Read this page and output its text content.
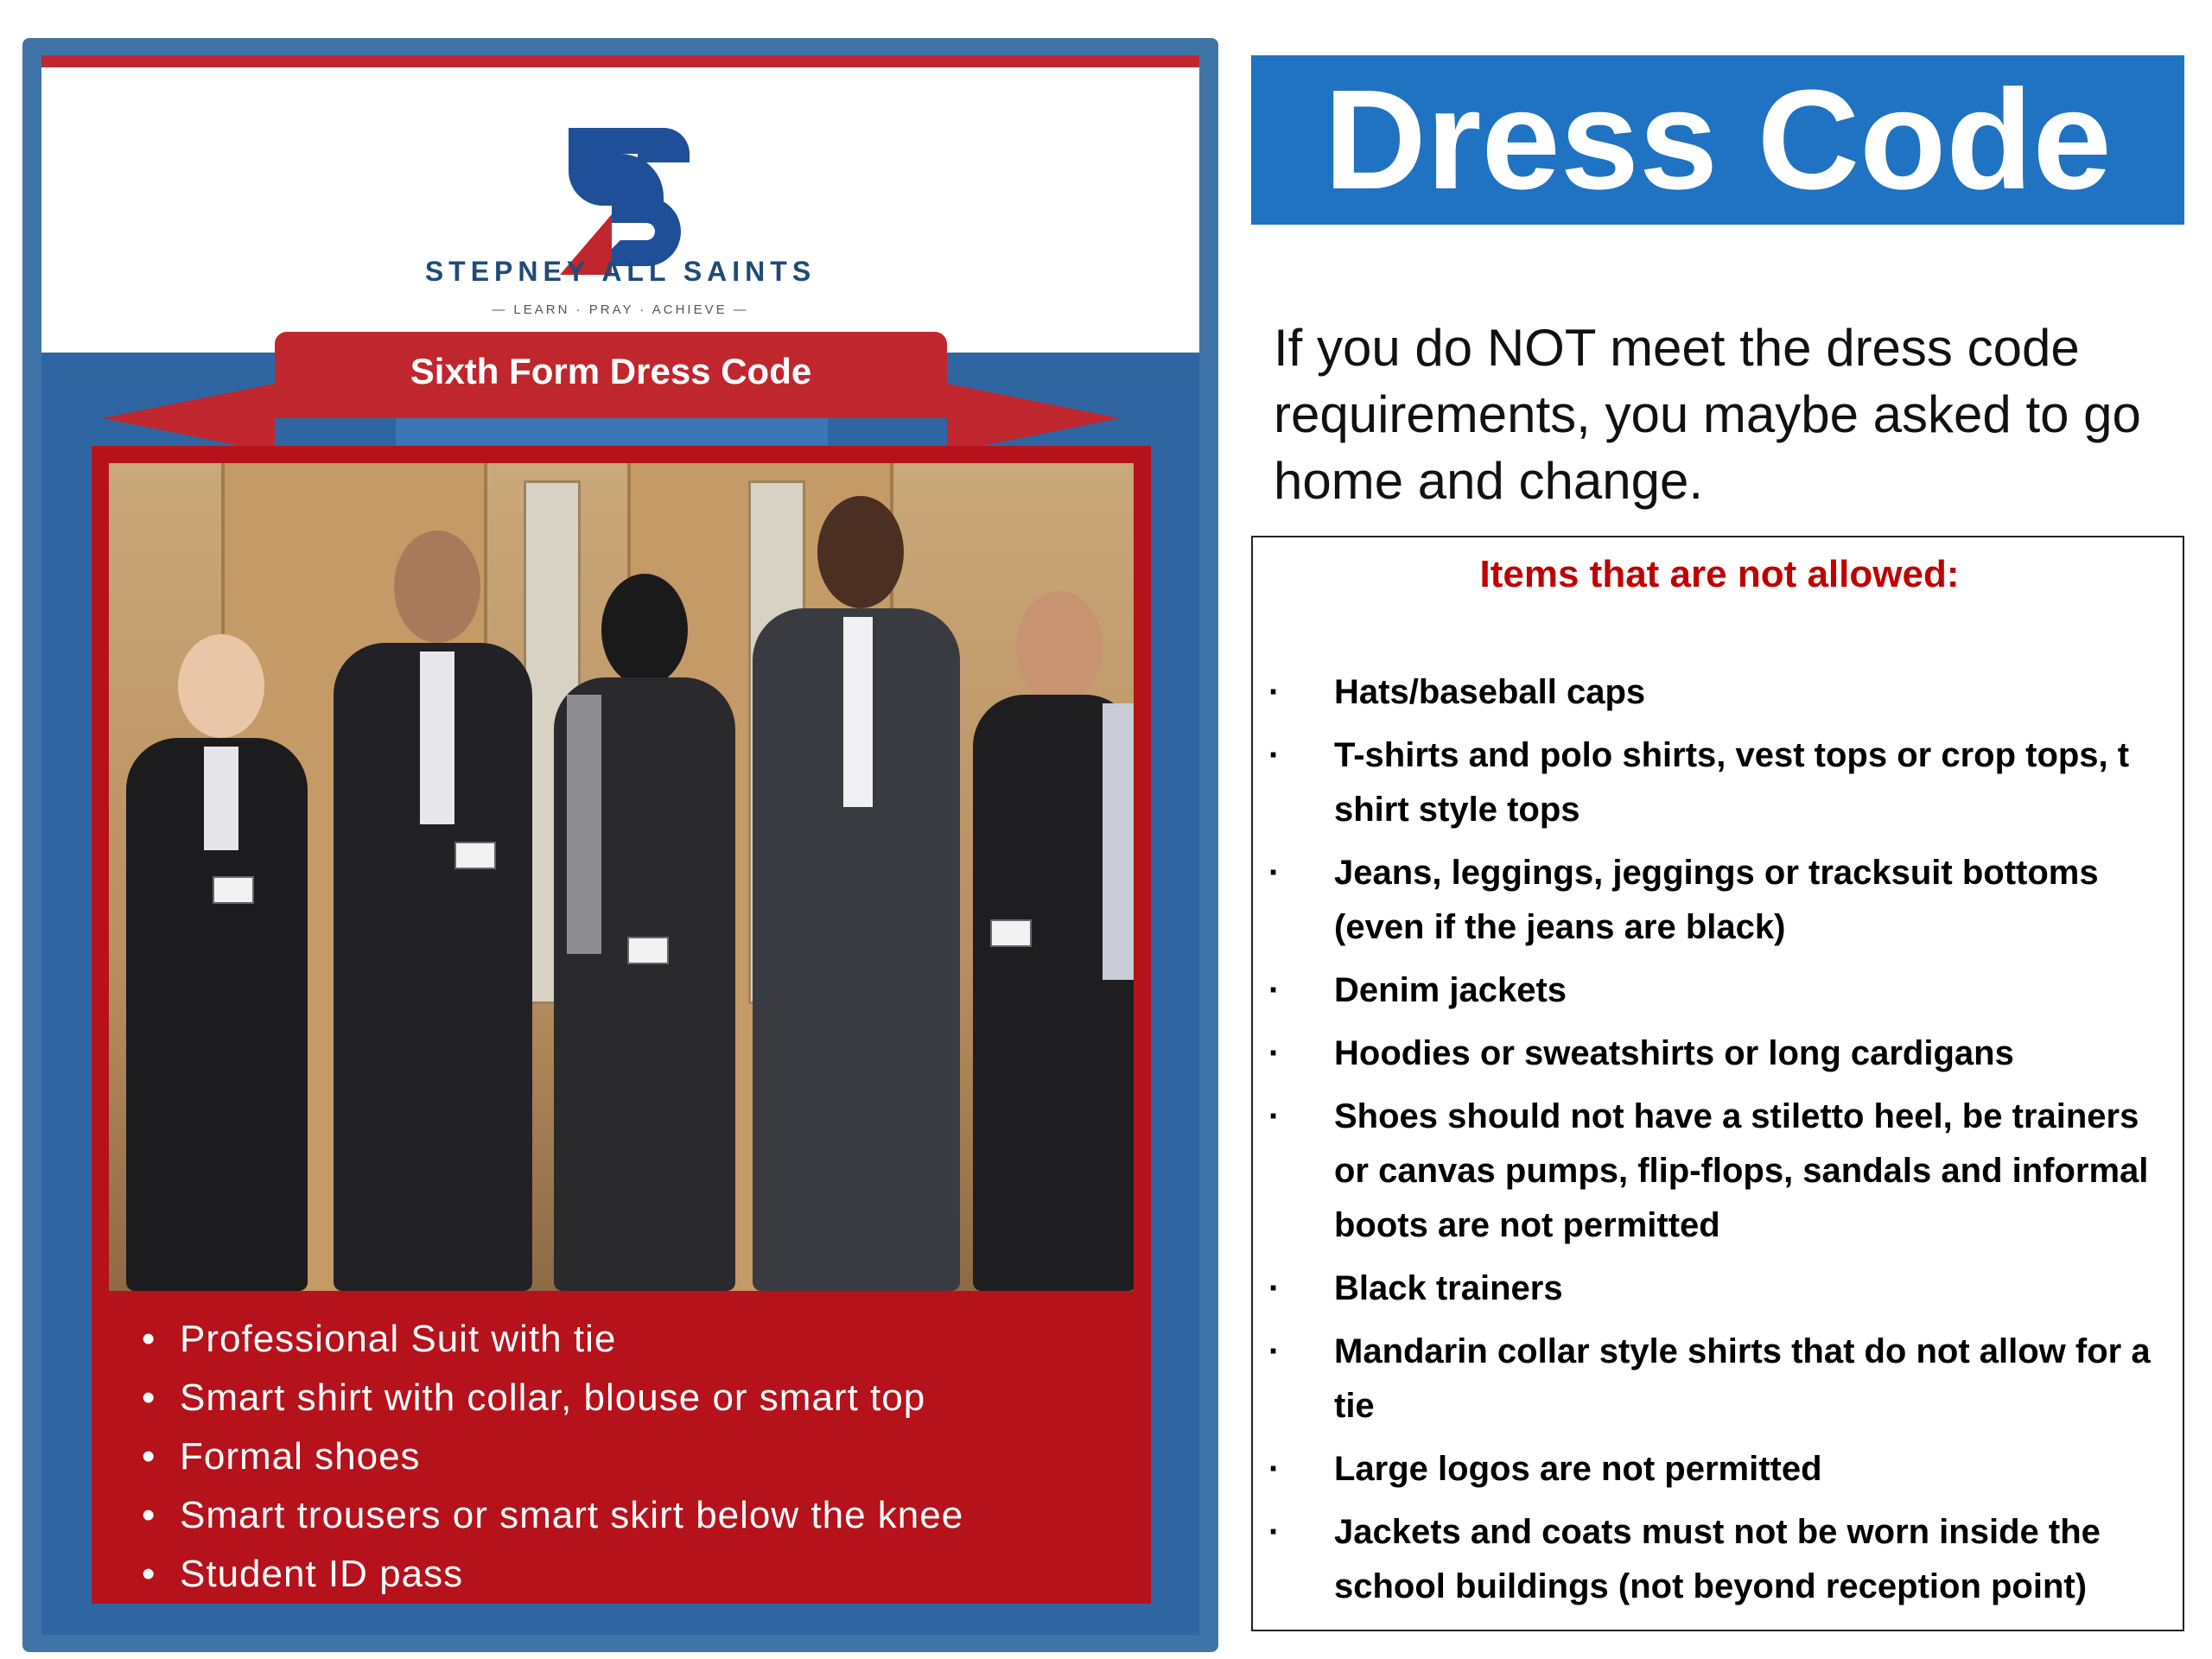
STEPNEY ALL SAINTS
— LEARN · PRAY · ACHIEVE —
Sixth Form Dress Code
• Professional Suit with tie
• Smart shirt with collar, blouse or smart top
• Formal shoes
• Smart trousers or smart skirt below the knee
• Student ID pass
Dress Code
If you do NOT meet the dress code requirements, you maybe asked to go home and change.
Items that are not allowed:
· Hats/baseball caps
· T-shirts and polo shirts, vest tops or crop tops, t shirt style tops
· Jeans, leggings, jeggings or tracksuit bottoms (even if the jeans are black)
· Denim jackets
· Hoodies or sweatshirts or long cardigans
· Shoes should not have a stiletto heel, be trainers or canvas pumps, flip-flops, sandals and informal boots are not permitted
· Black trainers
· Mandarin collar style shirts that do not allow for a tie
· Large logos are not permitted
· Jackets and coats must not be worn inside the school buildings (not beyond reception point)
